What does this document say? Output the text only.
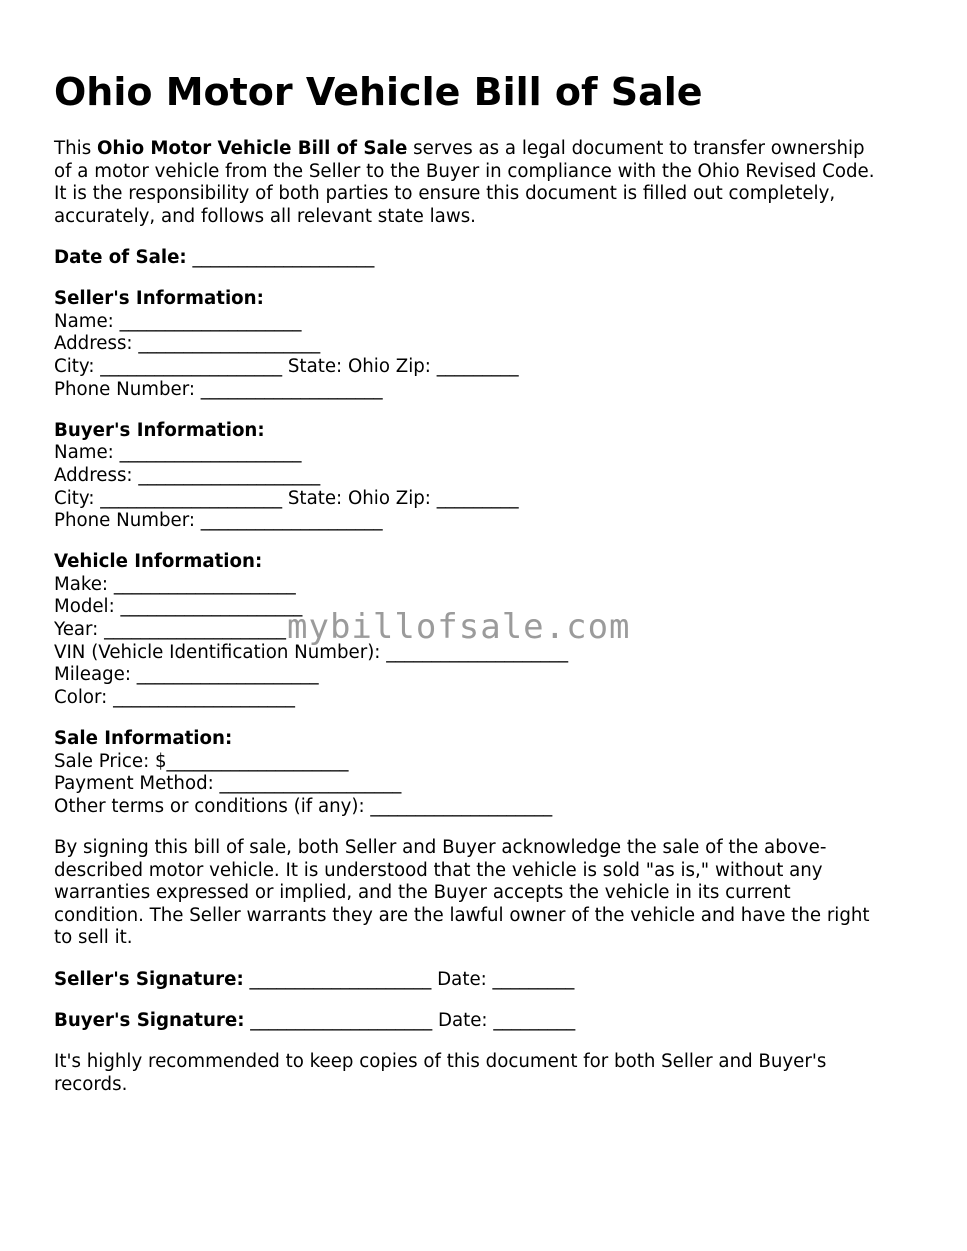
Ohio Motor Vehicle Bill of Sale
This Ohio Motor Vehicle Bill of Sale serves as a legal document to transfer ownership
of a motor vehicle from the Seller to the Buyer in compliance with the Ohio Revised Code.
It is the responsibility of both parties to ensure this document is filled out completely,
accurately, and follows all relevant state laws.
Date of Sale: ____________________
Seller's Information:
Name: ____________________
Address: ____________________
City: ____________________ State: Ohio Zip: _________
Phone Number: ____________________
Buyer's Information:
Name: ____________________
Address: ____________________
City: ____________________ State: Ohio Zip: _________
Phone Number: ____________________
Vehicle Information:
Make: ____________________
Model: ____________________
Year: ____________________
VIN (Vehicle Identification Number): ____________________
Mileage: ____________________
Color: ____________________
Sale Information:
Sale Price: $____________________
Payment Method: ____________________
Other terms or conditions (if any): ____________________
By signing this bill of sale, both Seller and Buyer acknowledge the sale of the above-
described motor vehicle. It is understood that the vehicle is sold "as is," without any
warranties expressed or implied, and the Buyer accepts the vehicle in its current
condition. The Seller warrants they are the lawful owner of the vehicle and have the right
to sell it.
Seller's Signature: ____________________ Date: _________
Buyer's Signature: ____________________ Date: _________
It's highly recommended to keep copies of this document for both Seller and Buyer's
records.
mybillofsale.com
